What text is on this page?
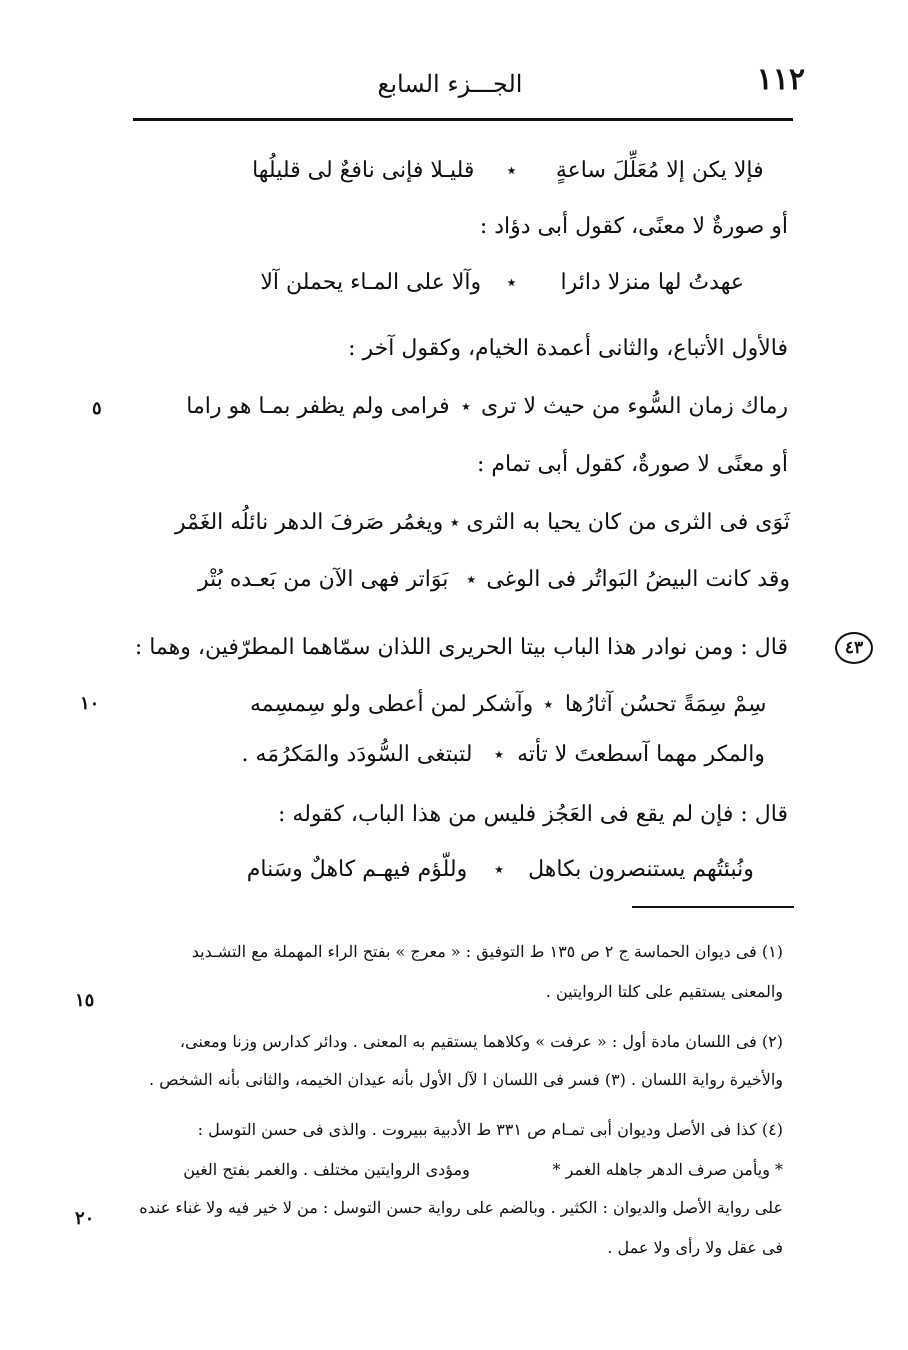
١١٢
الجـــزء السابع
فإلا يكن إلا مُعَلِّلَ ساعةٍ
٭
قليـلا فإنى نافعٌ لى قليلُها
أو صورةٌ لا معنًى، كقول أبى دؤاد :
عهدتُ لها منزلا دائرا
٭
وآلا على المـاء يحملن آلا
فالأول الأتباع، والثانى أعمدة الخيام، وكقول آخر :
رماك زمان السُّوء من حيث لا ترى
٭
فرامى ولم يظفر بمـا هو راما
أو معنًى لا صورةٌ، كقول أبى تمام :
ثَوَى فى الثرى من كان يحيا به الثرى
٭
ويغمُر صَرفَ الدهر نائلُه الغَمْر
وقد كانت البيضُ البَواتُر فى الوغى
٭
بَوَاتر فهى الآن من بَعـده بُتْر
قال : ومن نوادر هذا الباب بيتا الحريرى اللذان سمّاهما المطرّفين، وهما :
سِمْ سِمَةً تحسُن آثارُها
٭
وآشكر لمن أعطى ولو سِمسِمه
والمكر مهما آسطعتَ لا تأته
٭
لتبتغى السُّودَد والمَكرُمَه .
قال : فإن لم يقع فى العَجُز فليس من هذا الباب، كقوله :
ونُبئتُهم يستنصرون بكاهل
٭
وللّؤم فيهـم كاهلٌ وسَنام
٥
١٠
١٥
٢٠
٤٣
(١) فى ديوان الحماسة ج ٢ ص ١٣٥ ط التوفيق : « معرج » بفتح الراء المهملة مع التشـديد
والمعنى يستقيم على كلتا الروايتين .
(٢) فى اللسان مادة أول : « عرفت » وكلاهما يستقيم به المعنى . ودائر كدارس وزنا ومعنى،
والأخيرة رواية اللسان . (٣) فسر فى اللسان ا لآل الأول بأنه عيدان الخيمه، والثانى بأنه الشخص .
(٤) كذا فى الأصل وديوان أبى تمـام ص ٣٣١ ط الأدبية ببيروت . والذى فى حسن التوسل :
* ويأمن صرف الدهر جاهله الغمر *
ومؤدى الروايتين مختلف . والغمر بفتح الغين
على رواية الأصل والديوان : الكثير . وبالضم على رواية حسن التوسل : من لا خير فيه ولا غناء عنده
فى عقل ولا رأى ولا عمل .
